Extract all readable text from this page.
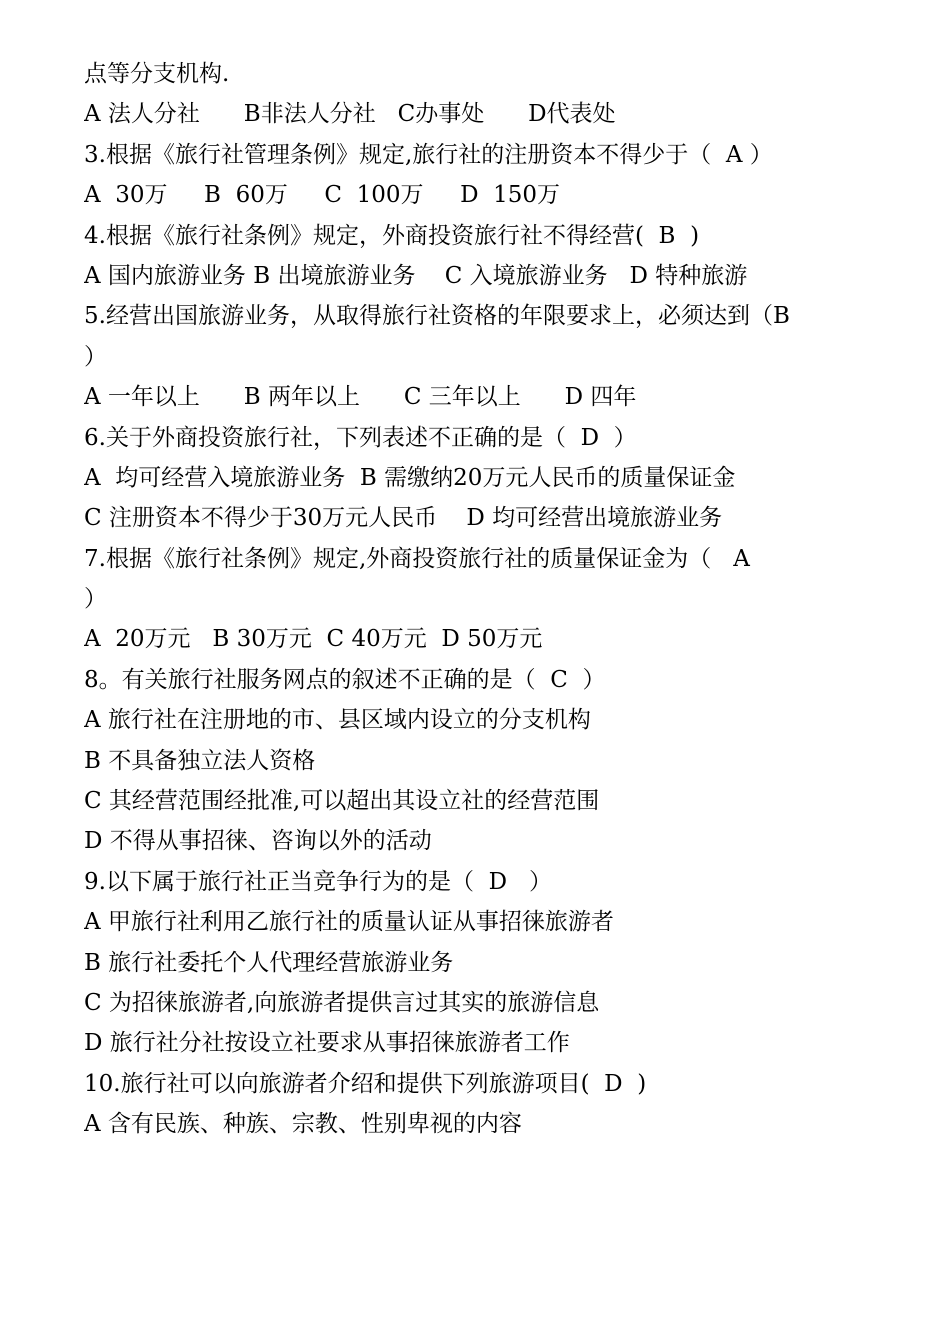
点等分支机构.
A 法人分社      B非法人分社   C办事处      D代表处
3.根据《旅行社管理条例》规定,旅行社的注册资本不得少于（  A ）
A  30万     B  60万     C  100万     D  150万
4.根据《旅行社条例》规定，外商投资旅行社不得经营(  B  )
A 国内旅游业务 B 出境旅游业务    C 入境旅游业务   D 特种旅游
5.经营出国旅游业务，从取得旅行社资格的年限要求上，必须达到（B
）
A 一年以上      B 两年以上      C 三年以上      D 四年
6.关于外商投资旅行社，下列表述不正确的是（  D  ）
A  均可经营入境旅游业务  B 需缴纳20万元人民币的质量保证金
C 注册资本不得少于30万元人民币    D 均可经营出境旅游业务
7.根据《旅行社条例》规定,外商投资旅行社的质量保证金为（   A
）
A  20万元   B 30万元  C 40万元  D 50万元
8。有关旅行社服务网点的叙述不正确的是（  C  ）
A 旅行社在注册地的市、县区域内设立的分支机构
B 不具备独立法人资格
C 其经营范围经批准,可以超出其设立社的经营范围
D 不得从事招徕、咨询以外的活动
9.以下属于旅行社正当竞争行为的是（  D   ）
A 甲旅行社利用乙旅行社的质量认证从事招徕旅游者
B 旅行社委托个人代理经营旅游业务
C 为招徕旅游者,向旅游者提供言过其实的旅游信息
D 旅行社分社按设立社要求从事招徕旅游者工作
10.旅行社可以向旅游者介绍和提供下列旅游项目(  D  )
A 含有民族、种族、宗教、性别卑视的内容
